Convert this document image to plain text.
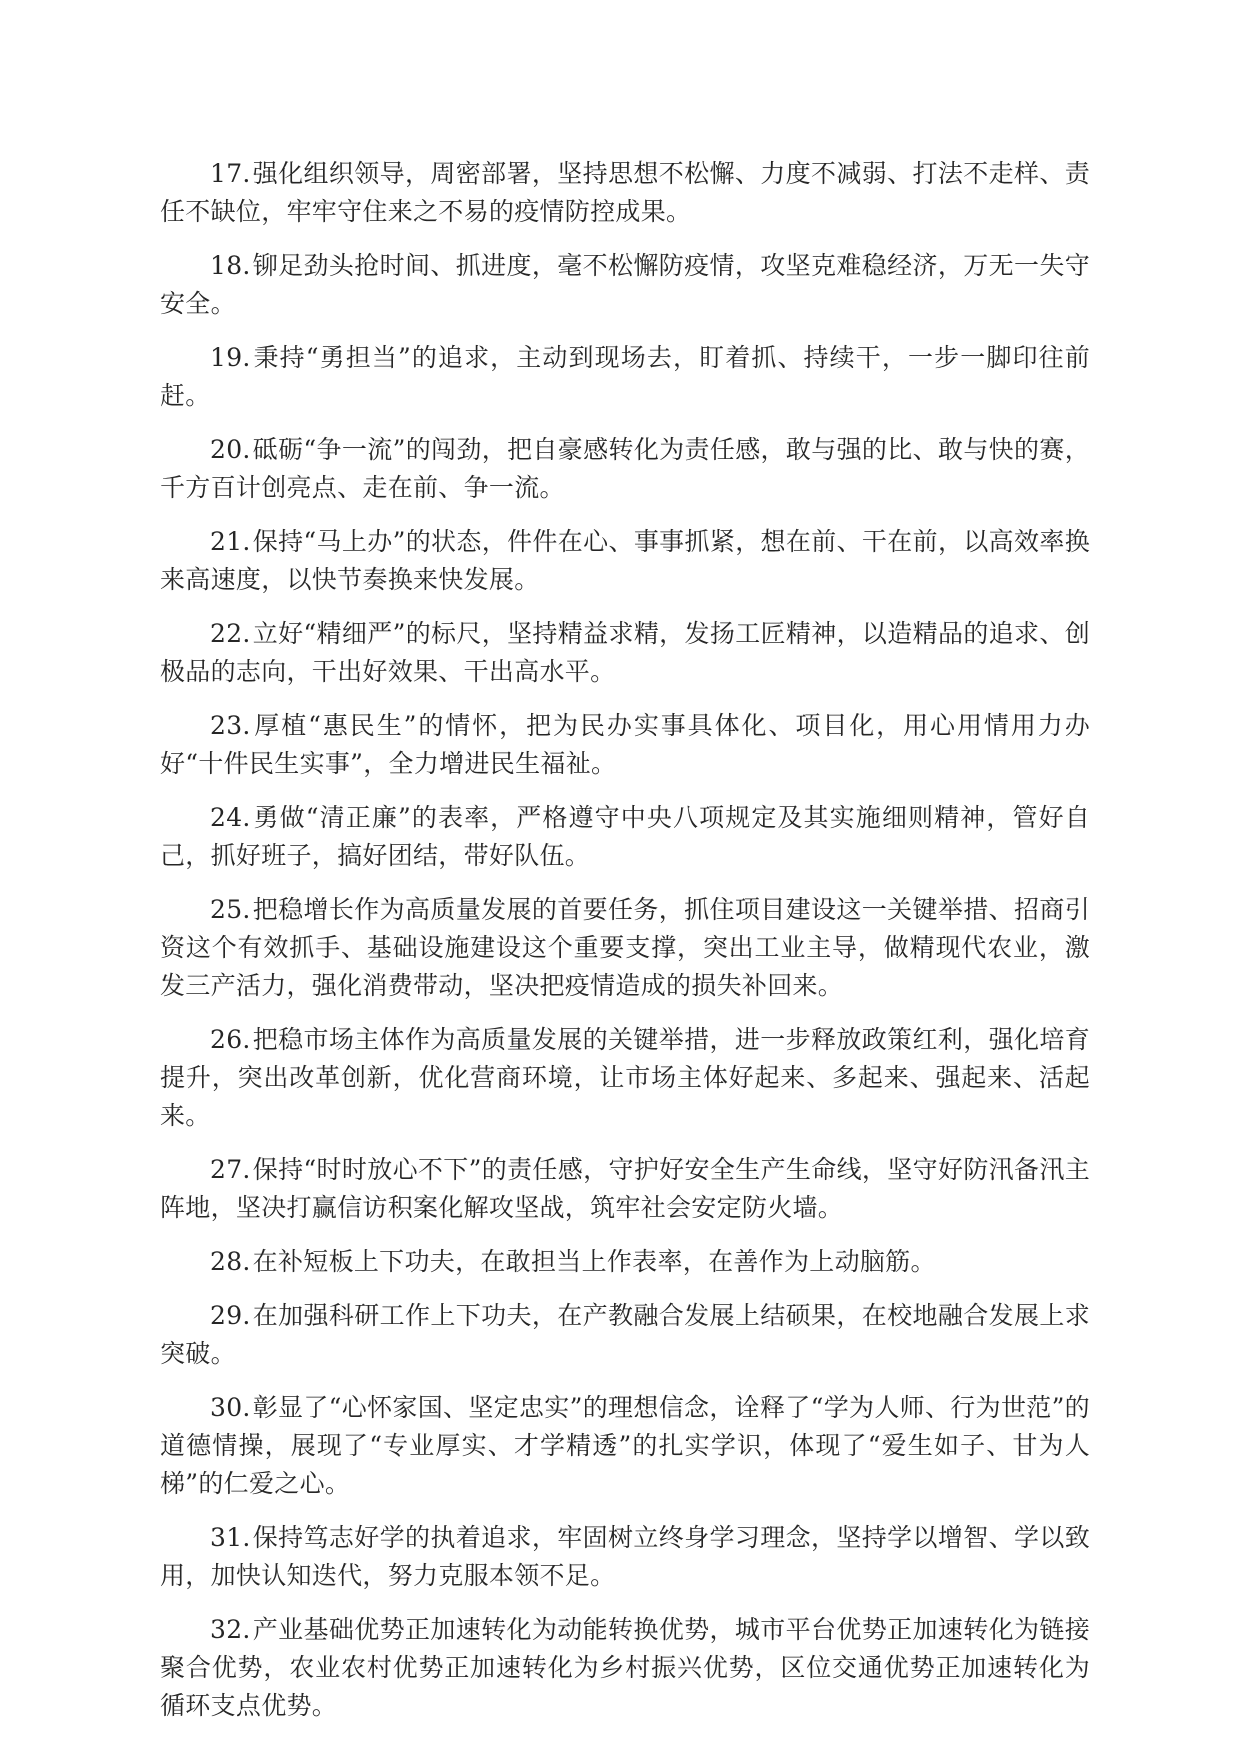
17.强化组织领导，周密部署，坚持思想不松懈、力度不减弱、打法不走样、责任不缺位，牢牢守住来之不易的疫情防控成果。

18.铆足劲头抢时间、抓进度，毫不松懈防疫情，攻坚克难稳经济，万无一失守安全。

19.秉持“勇担当”的追求，主动到现场去，盯着抓、持续干，一步一脚印往前赶。

20.砥砺“争一流”的闯劲，把自豪感转化为责任感，敢与强的比、敢与快的赛，千方百计创亮点、走在前、争一流。

21.保持“马上办”的状态，件件在心、事事抓紧，想在前、干在前，以高效率换来高速度，以快节奏换来快发展。

22.立好“精细严”的标尺，坚持精益求精，发扬工匠精神，以造精品的追求、创极品的志向，干出好效果、干出高水平。

23.厚植“惠民生”的情怀，把为民办实事具体化、项目化，用心用情用力办好“十件民生实事”，全力增进民生福祉。

24.勇做“清正廉”的表率，严格遵守中央八项规定及其实施细则精神，管好自己，抓好班子，搞好团结，带好队伍。

25.把稳增长作为高质量发展的首要任务，抓住项目建设这一关键举措、招商引资这个有效抓手、基础设施建设这个重要支撑，突出工业主导，做精现代农业，激发三产活力，强化消费带动，坚决把疫情造成的损失补回来。

26.把稳市场主体作为高质量发展的关键举措，进一步释放政策红利，强化培育提升，突出改革创新，优化营商环境，让市场主体好起来、多起来、强起来、活起来。

27.保持“时时放心不下”的责任感，守护好安全生产生命线，坚守好防汛备汛主阵地，坚决打赢信访积案化解攻坚战，筑牢社会安定防火墙。

28.在补短板上下功夫，在敢担当上作表率，在善作为上动脑筋。

29.在加强科研工作上下功夫，在产教融合发展上结硕果，在校地融合发展上求突破。

30.彰显了“心怀家国、坚定忠实”的理想信念，诠释了“学为人师、行为世范”的道德情操，展现了“专业厚实、才学精透”的扎实学识，体现了“爱生如子、甘为人梯”的仁爱之心。

31.保持笃志好学的执着追求，牢固树立终身学习理念，坚持学以增智、学以致用，加快认知迭代，努力克服本领不足。

32.产业基础优势正加速转化为动能转换优势，城市平台优势正加速转化为链接聚合优势，农业农村优势正加速转化为乡村振兴优势，区位交通优势正加速转化为循环支点优势。
